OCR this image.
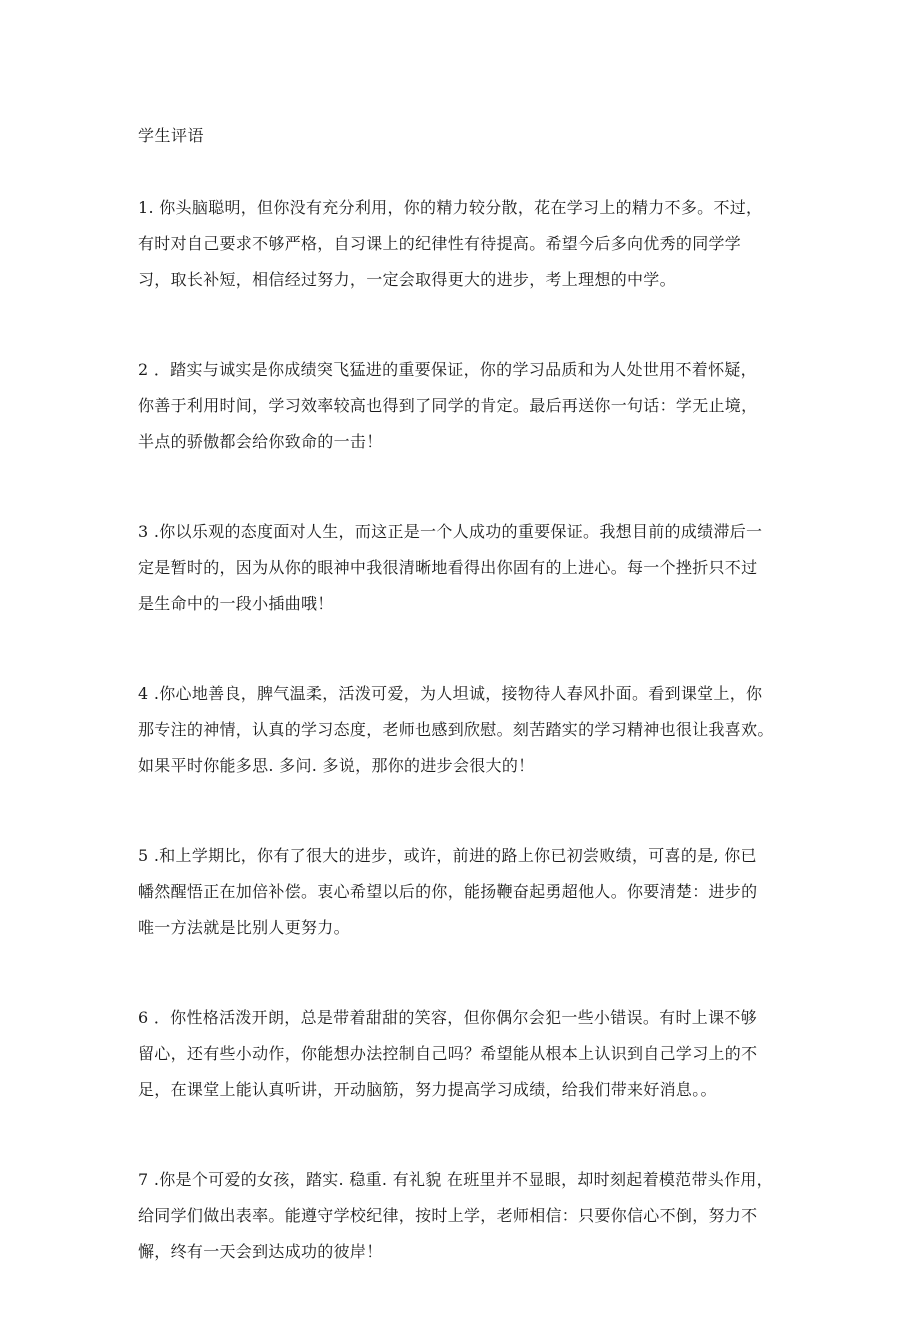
学生评语
1. 你头脑聪明，但你没有充分利用，你的精力较分散，花在学习上的精力不多。不过，
有时对自己要求不够严格，自习课上的纪律性有待提高。希望今后多向优秀的同学学
习，取长补短，相信经过努力，一定会取得更大的进步，考上理想的中学。
2 ．踏实与诚实是你成绩突飞猛进的重要保证，你的学习品质和为人处世用不着怀疑，
你善于利用时间，学习效率较高也得到了同学的肯定。最后再送你一句话：学无止境，
半点的骄傲都会给你致命的一击！
3 .你以乐观的态度面对人生，而这正是一个人成功的重要保证。我想目前的成绩滞后一
定是暂时的，因为从你的眼神中我很清晰地看得出你固有的上进心。每一个挫折只不过
是生命中的一段小插曲哦！
4 .你心地善良，脾气温柔，活泼可爱，为人坦诚，接物待人春风扑面。看到课堂上，你
那专注的神情，认真的学习态度，老师也感到欣慰。刻苦踏实的学习精神也很让我喜欢。
如果平时你能多思. 多问. 多说，那你的进步会很大的！
5 .和上学期比，你有了很大的进步，或许，前进的路上你已初尝败绩，可喜的是, 你已
幡然醒悟正在加倍补偿。衷心希望以后的你，能扬鞭奋起勇超他人。你要清楚：进步的
唯一方法就是比别人更努力。
6 ．你性格活泼开朗，总是带着甜甜的笑容，但你偶尔会犯一些小错误。有时上课不够
留心，还有些小动作，你能想办法控制自己吗？希望能从根本上认识到自己学习上的不
足，在课堂上能认真听讲，开动脑筋，努力提高学习成绩，给我们带来好消息。。
7 .你是个可爱的女孩，踏实. 稳重. 有礼貌 在班里并不显眼，却时刻起着模范带头作用，
给同学们做出表率。能遵守学校纪律，按时上学，老师相信：只要你信心不倒，努力不
懈，终有一天会到达成功的彼岸！
